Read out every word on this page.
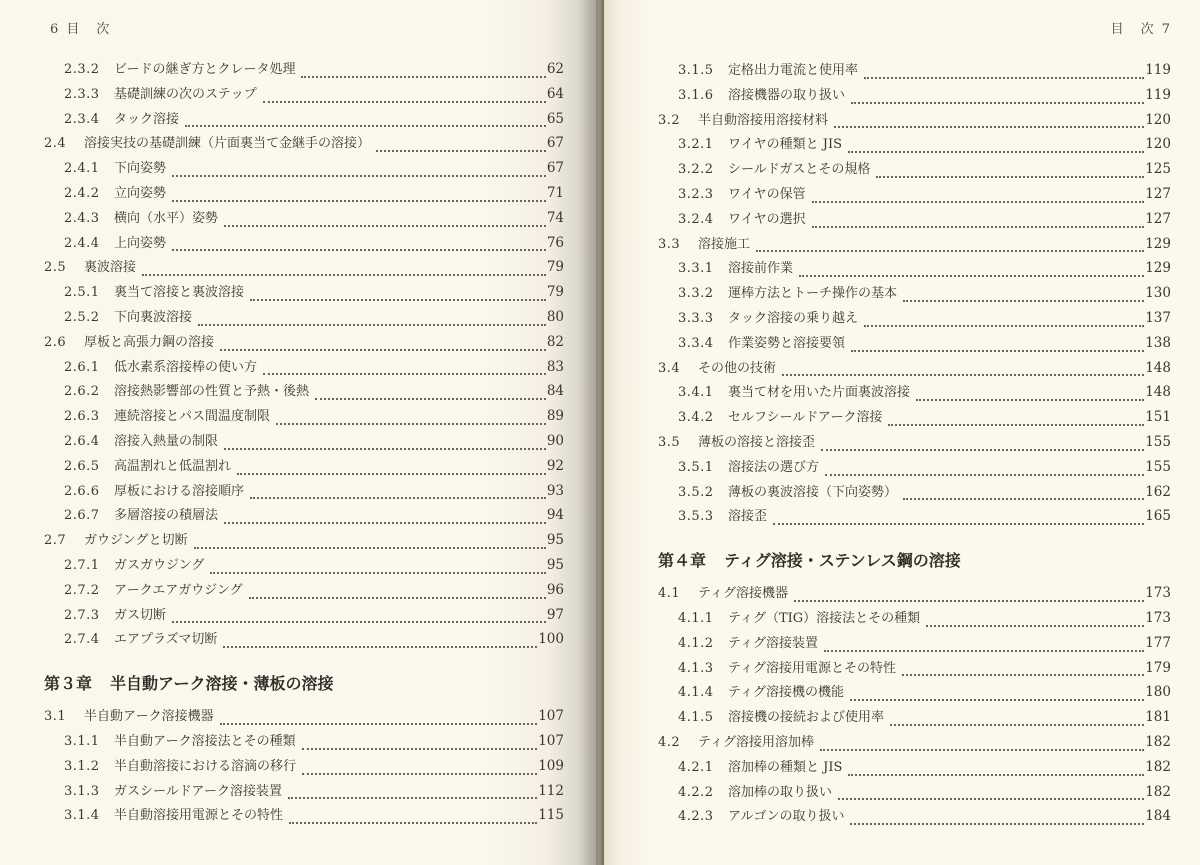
6 目　次
2.3.2	ビードの継ぎ方とクレータ処理	62
2.3.3	基礎訓練の次のステップ	64
2.3.4	タック溶接	65
2.4	溶接実技の基礎訓練（片面裏当て金継手の溶接）	67
2.4.1	下向姿勢	67
2.4.2	立向姿勢	71
2.4.3	横向（水平）姿勢	74
2.4.4	上向姿勢	76
2.5	裏波溶接	79
2.5.1	裏当て溶接と裏波溶接	79
2.5.2	下向裏波溶接	80
2.6	厚板と高張力鋼の溶接	82
2.6.1	低水素系溶接棒の使い方	83
2.6.2	溶接熱影響部の性質と予熱・後熱	84
2.6.3	連続溶接とパス間温度制限	89
2.6.4	溶接入熱量の制限	90
2.6.5	高温割れと低温割れ	92
2.6.6	厚板における溶接順序	93
2.6.7	多層溶接の積層法	94
2.7	ガウジングと切断	95
2.7.1	ガスガウジング	95
2.7.2	アークエアガウジング	96
2.7.3	ガス切断	97
2.7.4	エアプラズマ切断	100
第３章 半自動アーク溶接・薄板の溶接
3.1	半自動アーク溶接機器	107
3.1.1	半自動アーク溶接法とその種類	107
3.1.2	半自動溶接における溶滴の移行	109
3.1.3	ガスシールドアーク溶接装置	112
3.1.4	半自動溶接用電源とその特性	115
目　次 7
3.1.5	定格出力電流と使用率	119
3.1.6	溶接機器の取り扱い	119
3.2	半自動溶接用溶接材料	120
3.2.1	ワイヤの種類と JIS	120
3.2.2	シールドガスとその規格	125
3.2.3	ワイヤの保管	127
3.2.4	ワイヤの選択	127
3.3	溶接施工	129
3.3.1	溶接前作業	129
3.3.2	運棒方法とトーチ操作の基本	130
3.3.3	タック溶接の乗り越え	137
3.3.4	作業姿勢と溶接要領	138
3.4	その他の技術	148
3.4.1	裏当て材を用いた片面裏波溶接	148
3.4.2	セルフシールドアーク溶接	151
3.5	薄板の溶接と溶接歪	155
3.5.1	溶接法の選び方	155
3.5.2	薄板の裏波溶接（下向姿勢）	162
3.5.3	溶接歪	165
第４章 ティグ溶接・ステンレス鋼の溶接
4.1	ティグ溶接機器	173
4.1.1	ティグ（TIG）溶接法とその種類	173
4.1.2	ティグ溶接装置	177
4.1.3	ティグ溶接用電源とその特性	179
4.1.4	ティグ溶接機の機能	180
4.1.5	溶接機の接続および使用率	181
4.2	ティグ溶接用溶加棒	182
4.2.1	溶加棒の種類と JIS	182
4.2.2	溶加棒の取り扱い	182
4.2.3	アルゴンの取り扱い	184
